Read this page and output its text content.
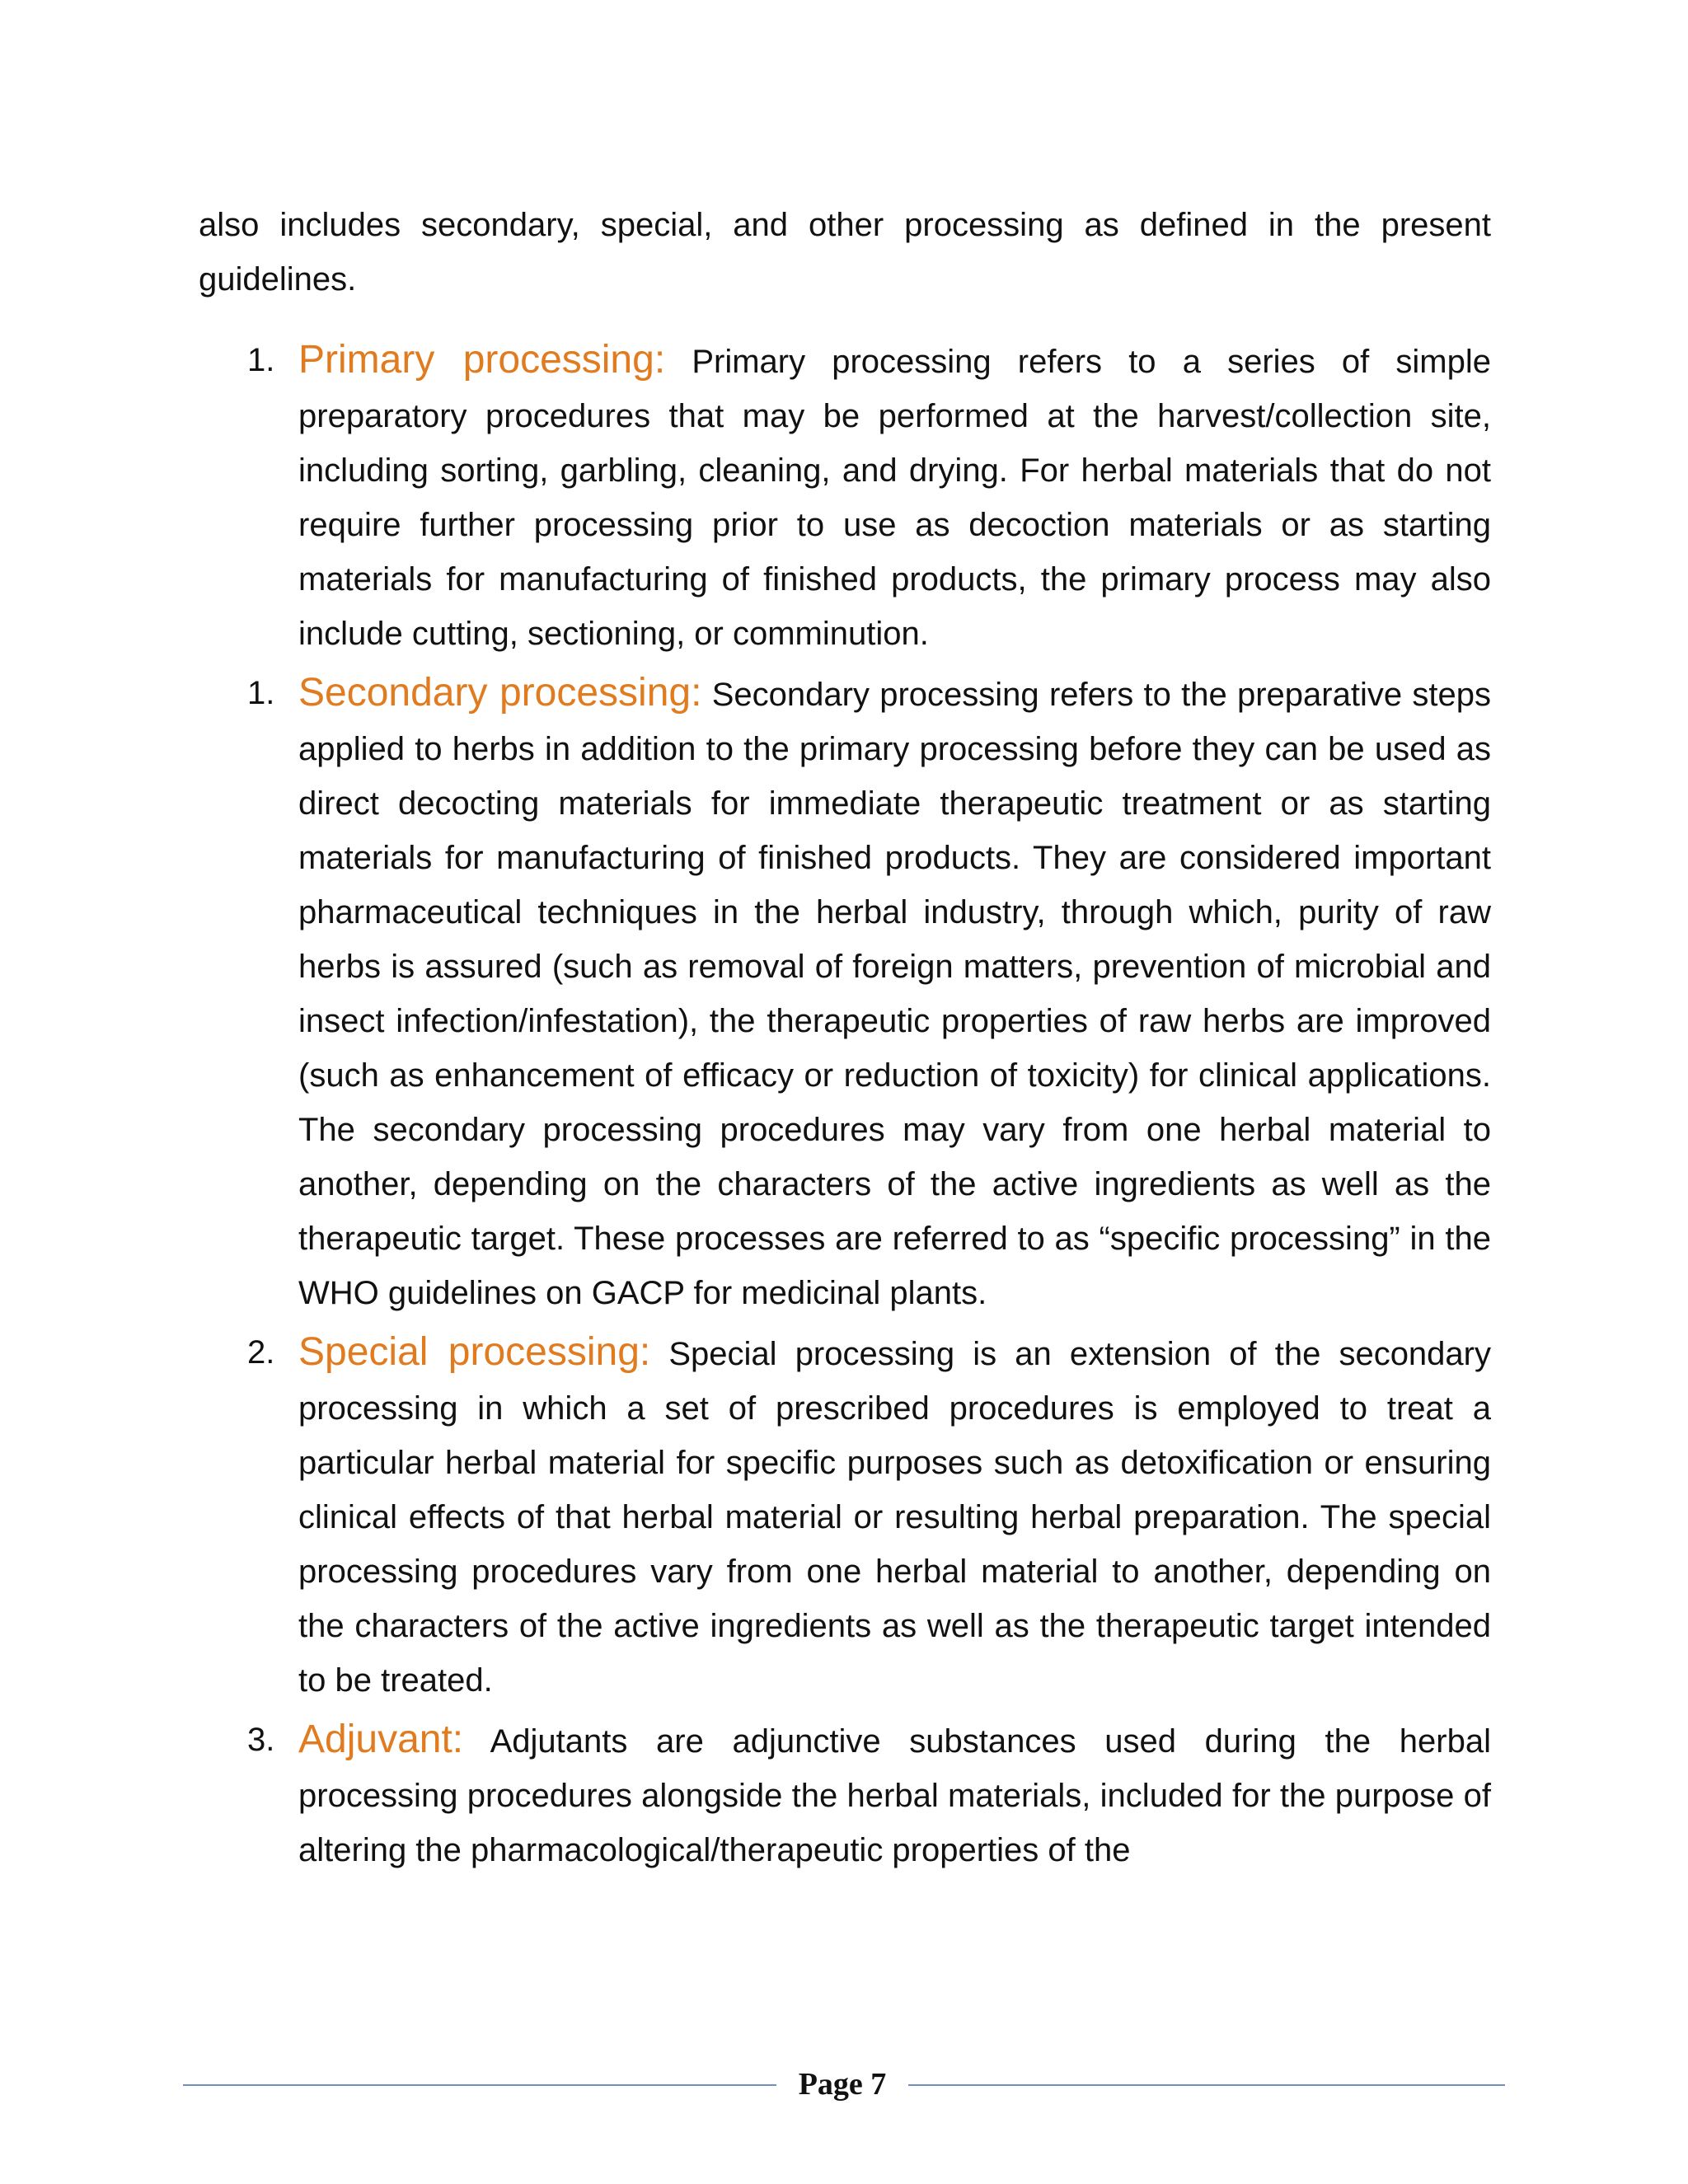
also includes secondary, special, and other processing as defined in the present guidelines.

1. Primary processing: Primary processing refers to a series of simple preparatory procedures that may be performed at the harvest/collection site, including sorting, garbling, cleaning, and drying. For herbal materials that do not require further processing prior to use as decoction materials or as starting materials for manufacturing of finished products, the primary process may also include cutting, sectioning, or comminution.
1. Secondary processing: Secondary processing refers to the preparative steps applied to herbs in addition to the primary processing before they can be used as direct decocting materials for immediate therapeutic treatment or as starting materials for manufacturing of finished products. They are considered important pharmaceutical techniques in the herbal industry, through which, purity of raw herbs is assured (such as removal of foreign matters, prevention of microbial and insect infection/infestation), the therapeutic properties of raw herbs are improved (such as enhancement of efficacy or reduction of toxicity) for clinical applications. The secondary processing procedures may vary from one herbal material to another, depending on the characters of the active ingredients as well as the therapeutic target. These processes are referred to as “specific processing” in the WHO guidelines on GACP for medicinal plants.
2. Special processing: Special processing is an extension of the secondary processing in which a set of prescribed procedures is employed to treat a particular herbal material for specific purposes such as detoxification or ensuring clinical effects of that herbal material or resulting herbal preparation. The special processing procedures vary from one herbal material to another, depending on the characters of the active ingredients as well as the therapeutic target intended to be treated.
3. Adjuvant: Adjutants are adjunctive substances used during the herbal processing procedures alongside the herbal materials, included for the purpose of altering the pharmacological/therapeutic properties of the
Page 7
